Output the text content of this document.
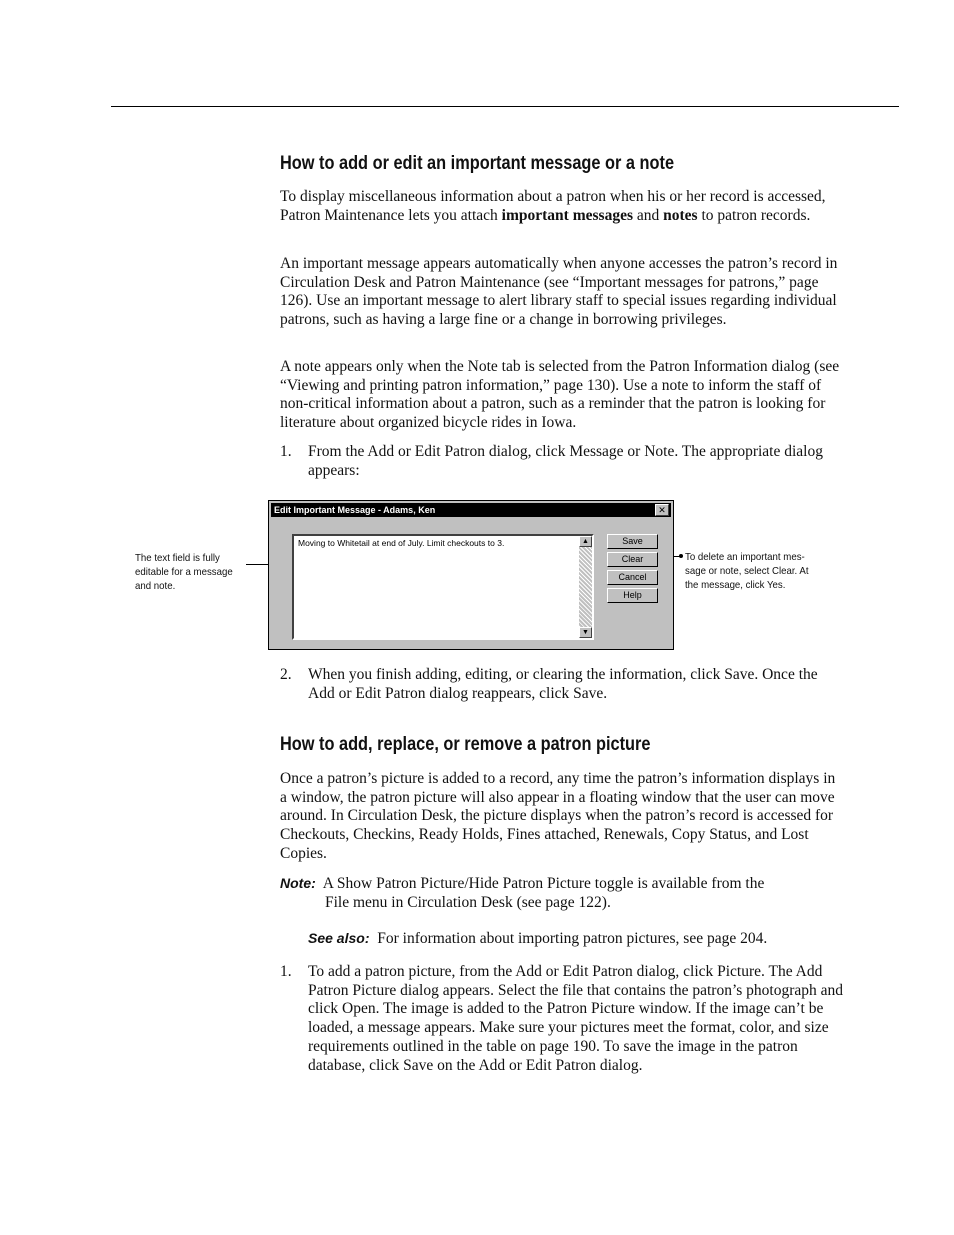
How to add or edit an important message or a note

To display miscellaneous information about a patron when his or her record is accessed, Patron Maintenance lets you attach important messages and notes to patron records.

An important message appears automatically when anyone accesses the patron’s record in Circulation Desk and Patron Maintenance (see “Important messages for patrons,” page 126). Use an important message to alert library staff to special issues regarding individual patrons, such as having a large fine or a change in borrowing privileges.

A note appears only when the Note tab is selected from the Patron Information dialog (see “Viewing and printing patron information,” page 130). Use a note to inform the staff of non-critical information about a patron, such as a reminder that the patron is looking for literature about organized bicycle rides in Iowa.

1.	From the Add or Edit Patron dialog, click Message or Note. The appropriate dialog appears:
The text field is fully
editable for a message
and note.
To delete an important mes-
sage or note, select Clear. At
the message, click Yes.
Edit Important Message - Adams, Ken	✕
Moving to Whitetail at end of July. Limit checkouts to 3.	▲
▼
Save
Clear
Cancel
Help
2.	When you finish adding, editing, or clearing the information, click Save. Once the Add or Edit Patron dialog reappears, click Save.
How to add, replace, or remove a patron picture

Once a patron’s picture is added to a record, any time the patron’s information displays in a window, the patron picture will also appear in a floating window that the user can move around. In Circulation Desk, the picture displays when the patron’s record is accessed for Checkouts, Checkins, Ready Holds, Fines attached, Renewals, Copy Status, and Lost Copies.

Note: A Show Patron Picture/Hide Patron Picture toggle is available from the
File menu in Circulation Desk (see page 122).
See also: For information about importing patron pictures, see page 204.
1.	To add a patron picture, from the Add or Edit Patron dialog, click Picture. The Add Patron Picture dialog appears. Select the file that contains the patron’s photograph and click Open. The image is added to the Patron Picture window. If the image can’t be loaded, a message appears. Make sure your pictures meet the format, color, and size requirements outlined in the table on page 190. To save the image in the patron database, click Save on the Add or Edit Patron dialog.
